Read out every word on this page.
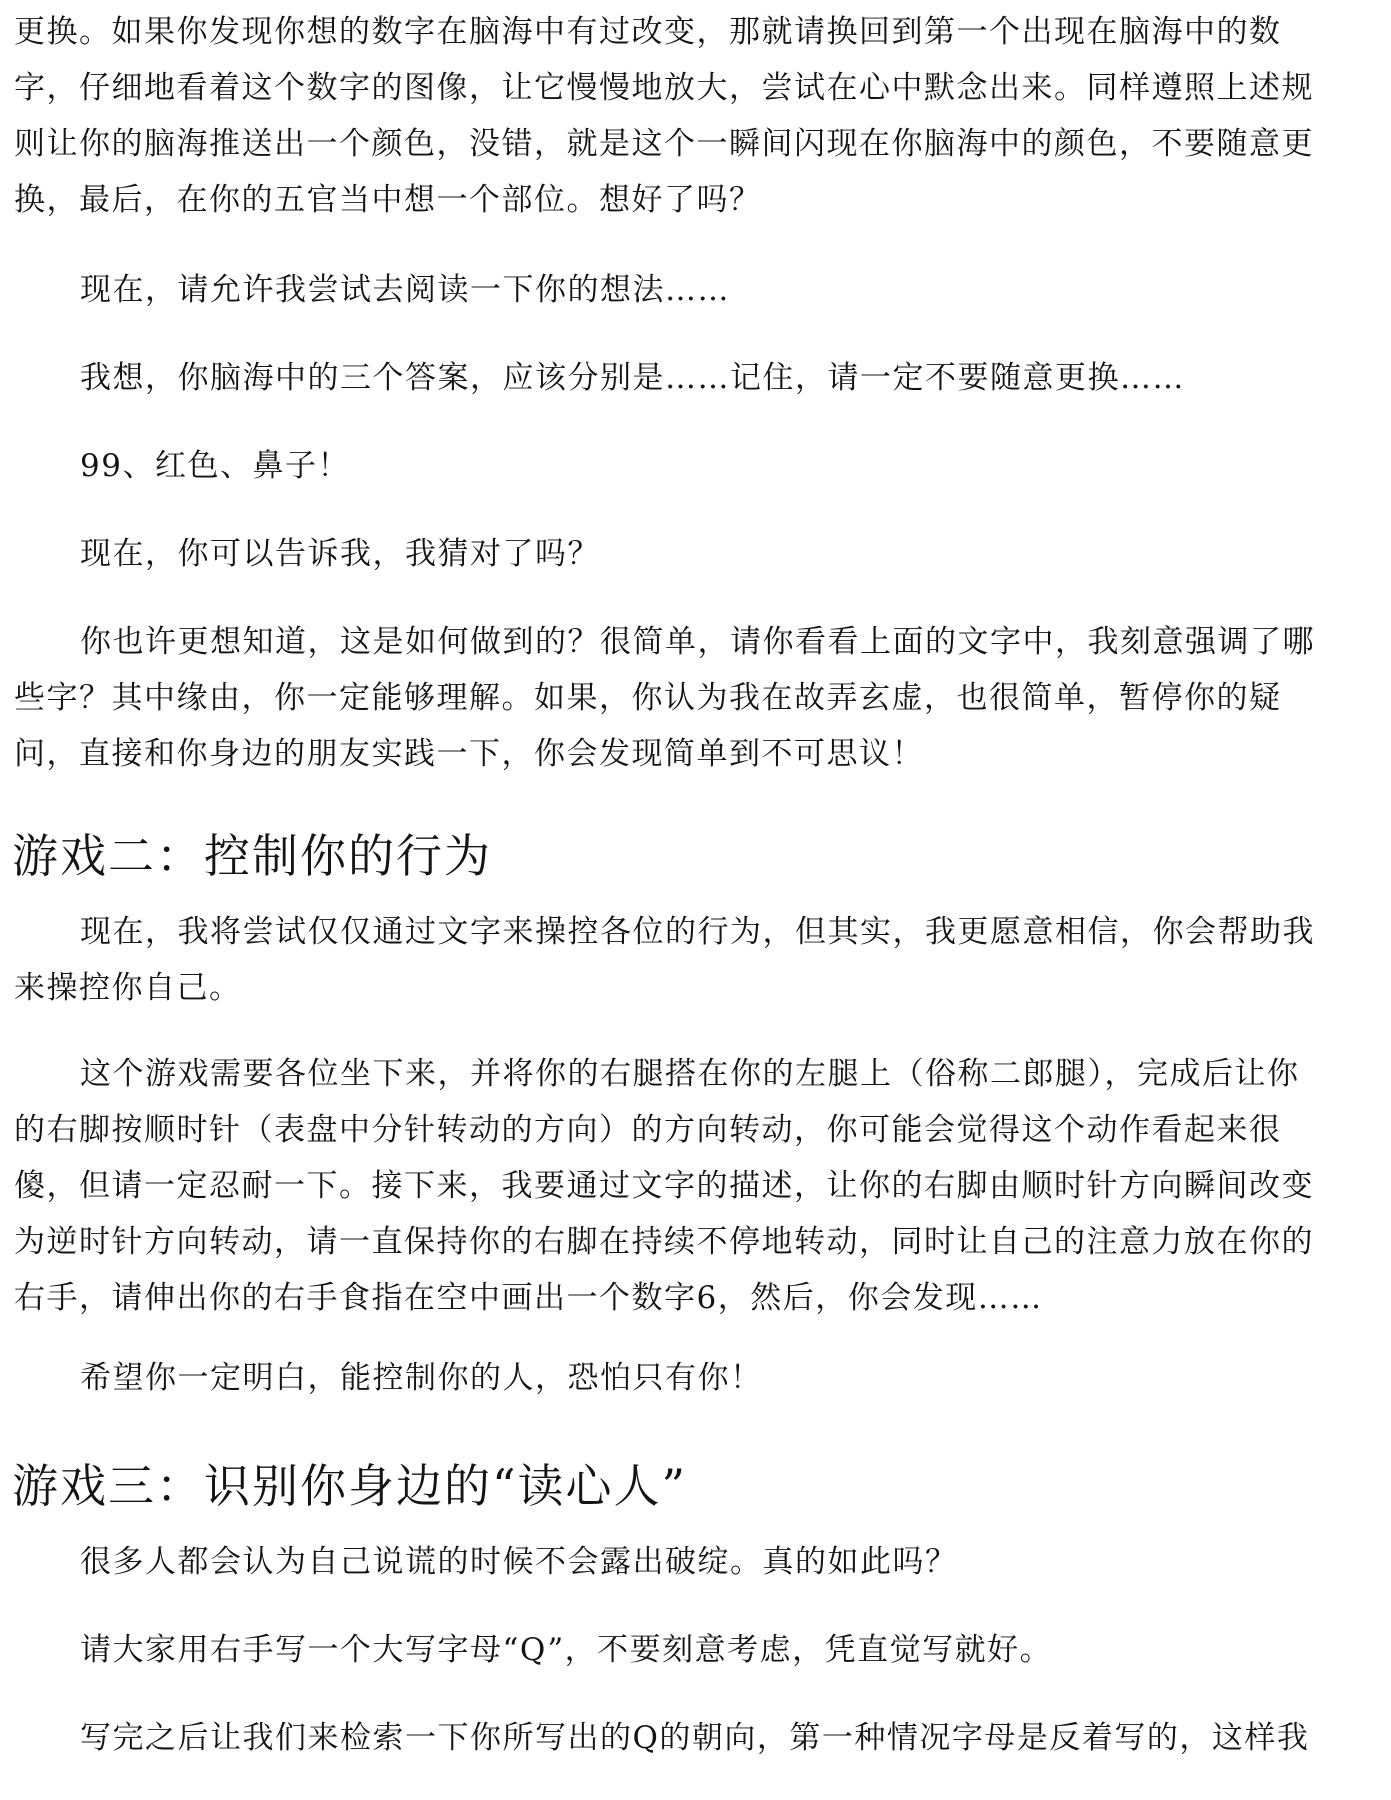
更换。如果你发现你想的数字在脑海中有过改变，那就请换回到第一个出现在脑海中的数
字，仔细地看着这个数字的图像，让它慢慢地放大，尝试在心中默念出来。同样遵照上述规
则让你的脑海推送出一个颜色，没错，就是这个一瞬间闪现在你脑海中的颜色，不要随意更
换，最后，在你的五官当中想一个部位。想好了吗？

现在，请允许我尝试去阅读一下你的想法……

我想，你脑海中的三个答案，应该分别是……记住，请一定不要随意更换……

99、红色、鼻子！

现在，你可以告诉我，我猜对了吗？

你也许更想知道，这是如何做到的？很简单，请你看看上面的文字中，我刻意强调了哪
些字？其中缘由，你一定能够理解。如果，你认为我在故弄玄虚，也很简单，暂停你的疑
问，直接和你身边的朋友实践一下，你会发现简单到不可思议！

游戏二：控制你的行为

现在，我将尝试仅仅通过文字来操控各位的行为，但其实，我更愿意相信，你会帮助我
来操控你自己。

这个游戏需要各位坐下来，并将你的右腿搭在你的左腿上（俗称二郎腿），完成后让你
的右脚按顺时针（表盘中分针转动的方向）的方向转动，你可能会觉得这个动作看起来很
傻，但请一定忍耐一下。接下来，我要通过文字的描述，让你的右脚由顺时针方向瞬间改变
为逆时针方向转动，请一直保持你的右脚在持续不停地转动，同时让自己的注意力放在你的
右手，请伸出你的右手食指在空中画出一个数字6，然后，你会发现……

希望你一定明白，能控制你的人，恐怕只有你！

游戏三：识别你身边的“读心人”

很多人都会认为自己说谎的时候不会露出破绽。真的如此吗？

请大家用右手写一个大写字母“Q”，不要刻意考虑，凭直觉写就好。

写完之后让我们来检索一下你所写出的Q的朝向，第一种情况字母是反着写的，这样我
